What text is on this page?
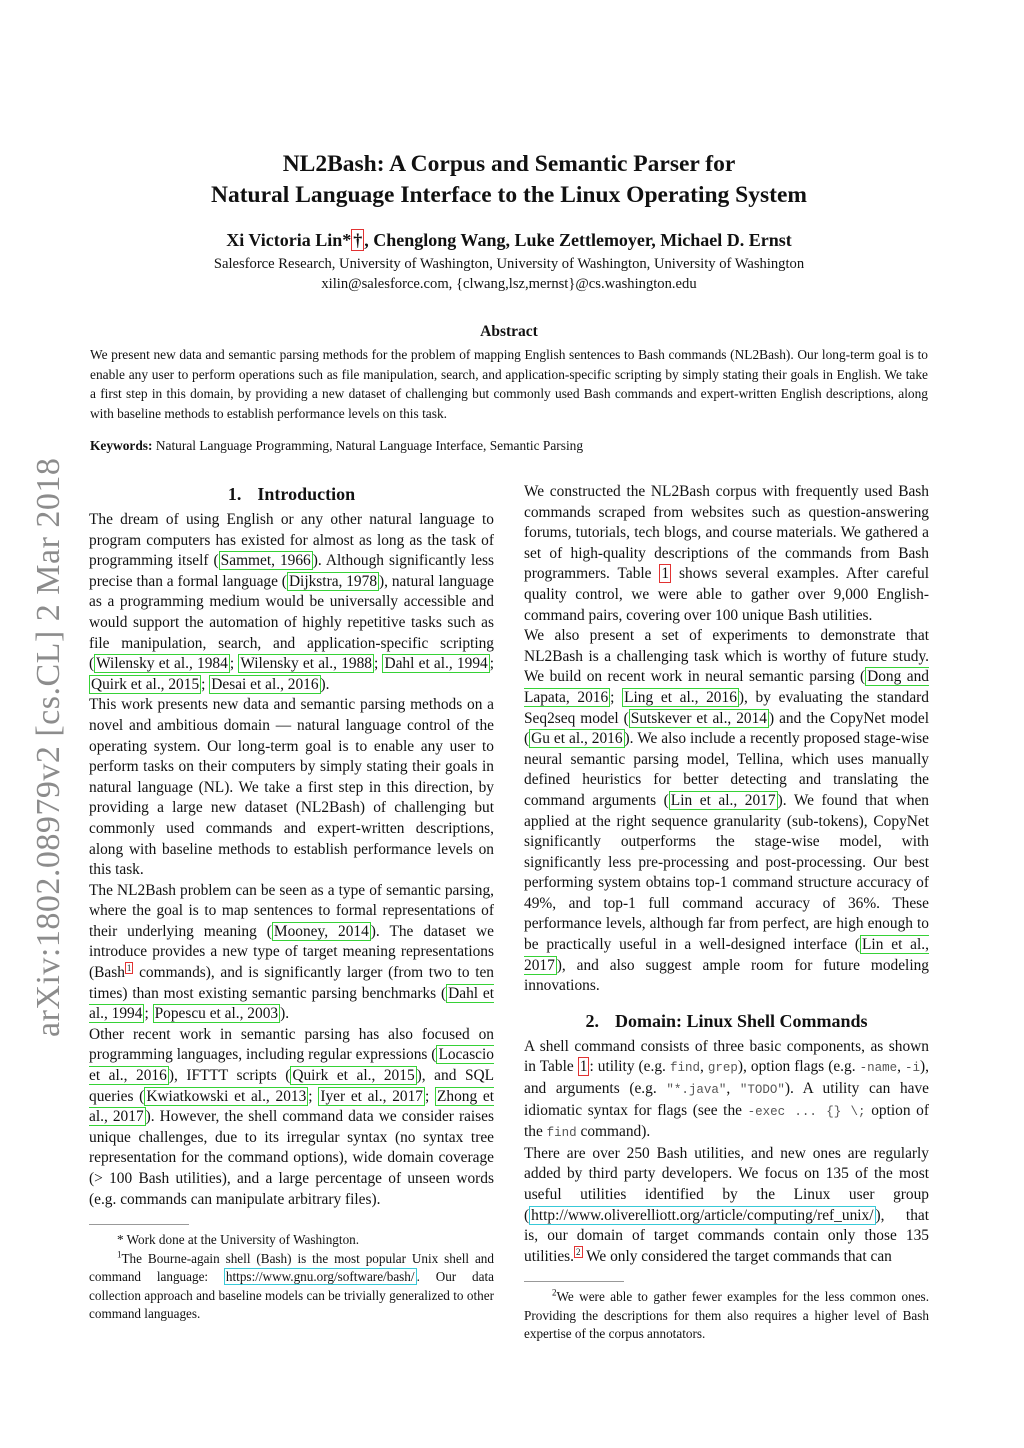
arXiv:1802.08979v2 [cs.CL] 2 Mar 2018
NL2Bash: A Corpus and Semantic Parser for
Natural Language Interface to the Linux Operating System
Xi Victoria Lin* † , Chenglong Wang, Luke Zettlemoyer, Michael D. Ernst
Salesforce Research, University of Washington, University of Washington, University of Washington
xilin@salesforce.com, {clwang,lsz,mernst}@cs.washington.edu
Abstract

We present new data and semantic parsing methods for the problem of mapping English sentences to Bash commands (NL2Bash). Our long-term goal is to enable any user to perform operations such as file manipulation, search, and application-specific scripting by simply stating their goals in English. We take a first step in this domain, by providing a new dataset of challenging but commonly used Bash commands and expert-written English descriptions, along with baseline methods to establish performance levels on this task.

Keywords: Natural Language Programming, Natural Language Interface, Semantic Parsing
1. Introduction

The dream of using English or any other natural language to program computers has existed for almost as long as the task of programming itself ( Sammet, 1966 ). Although significantly less precise than a formal language ( Dijkstra, 1978 ), natural language as a programming medium would be universally accessible and would support the automation of highly repetitive tasks such as file manipulation, search, and application-specific scripting ( Wilensky et al., 1984 ; Wilensky et al., 1988 ; Dahl et al., 1994 ; Quirk et al., 2015 ; Desai et al., 2016 ).

This work presents new data and semantic parsing methods on a novel and ambitious domain — natural language control of the operating system. Our long-term goal is to enable any user to perform tasks on their computers by simply stating their goals in natural language (NL). We take a first step in this direction, by providing a large new dataset (NL2Bash) of challenging but commonly used commands and expert-written descriptions, along with baseline methods to establish performance levels on this task.

The NL2Bash problem can be seen as a type of semantic parsing, where the goal is to map sentences to formal representations of their underlying meaning ( Mooney, 2014 ). The dataset we introduce provides a new type of target meaning representations (Bash $^1$ commands), and is significantly larger (from two to ten times) than most existing semantic parsing benchmarks ( Dahl et al., 1994 ; Popescu et al., 2003 ).

Other recent work in semantic parsing has also focused on programming languages, including regular expressions ( Locascio et al., 2016 ), IFTTT scripts ( Quirk et al., 2015 ), and SQL queries ( Kwiatkowski et al., 2013 ; Iyer et al., 2017 ; Zhong et al., 2017 ). However, the shell command data we consider raises unique challenges, due to its irregular syntax (no syntax tree representation for the command options), wide domain coverage (> 100 Bash utilities), and a large percentage of unseen words (e.g. commands can manipulate arbitrary files).

* Work done at the University of Washington.

$^1$The Bourne-again shell (Bash) is the most popular Unix shell and command language: https://www.gnu.org/software/bash/ . Our data collection approach and baseline models can be trivially generalized to other command languages.

We constructed the NL2Bash corpus with frequently used Bash commands scraped from websites such as question-answering forums, tutorials, tech blogs, and course materials. We gathered a set of high-quality descriptions of the commands from Bash programmers. Table 1 shows several examples. After careful quality control, we were able to gather over 9,000 English-command pairs, covering over 100 unique Bash utilities.

We also present a set of experiments to demonstrate that NL2Bash is a challenging task which is worthy of future study. We build on recent work in neural semantic parsing ( Dong and Lapata, 2016 ; Ling et al., 2016 ), by evaluating the standard Seq2seq model ( Sutskever et al., 2014 ) and the CopyNet model ( Gu et al., 2016 ). We also include a recently proposed stage-wise neural semantic parsing model, Tellina, which uses manually defined heuristics for better detecting and translating the command arguments ( Lin et al., 2017 ). We found that when applied at the right sequence granularity (sub-tokens), CopyNet significantly outperforms the stage-wise model, with significantly less pre-processing and post-processing. Our best performing system obtains top-1 command structure accuracy of 49%, and top-1 full command accuracy of 36%. These performance levels, although far from perfect, are high enough to be practically useful in a well-designed interface ( Lin et al., 2017 ), and also suggest ample room for future modeling innovations.

2. Domain: Linux Shell Commands

A shell command consists of three basic components, as shown in Table 1 : utility (e.g. find, grep), option flags (e.g. -name, -i), and arguments (e.g. "*.java", "TODO"). A utility can have idiomatic syntax for flags (see the -exec ... {} \; option of the find command).

There are over 250 Bash utilities, and new ones are regularly added by third party developers. We focus on 135 of the most useful utilities identified by the Linux user group ( http://www.oliverelliott.org/article/computing/ref_unix/ ), that is, our domain of target commands contain only those 135 utilities. $^2$ We only considered the target commands that can

$^2$We were able to gather fewer examples for the less common ones. Providing the descriptions for them also requires a higher level of Bash expertise of the corpus annotators.
